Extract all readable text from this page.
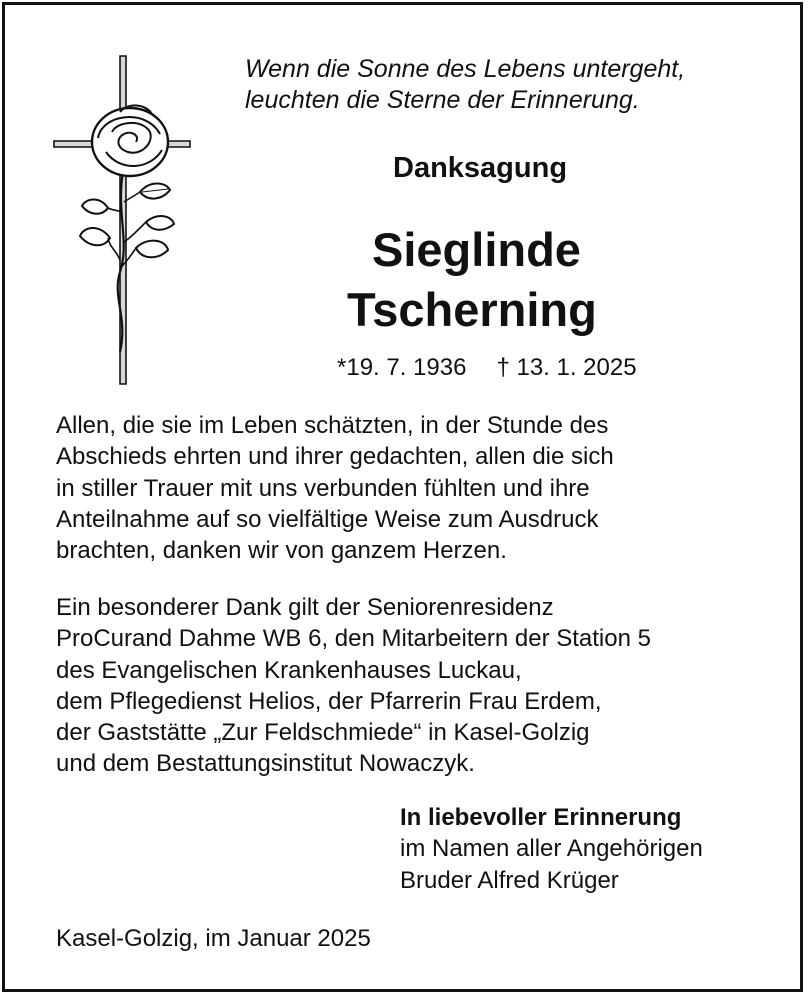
Wenn die Sonne des Lebens untergeht,
leuchten die Sterne der Erinnerung.

Danksagung
Sieglinde
Tscherning

*19. 7. 1936 † 13. 1. 2025

Allen, die sie im Leben schätzten, in der Stunde des
Abschieds ehrten und ihrer gedachten, allen die sich
in stiller Trauer mit uns verbunden fühlten und ihre
Anteilnahme auf so vielfältige Weise zum Ausdruck
brachten, danken wir von ganzem Herzen.

Ein besonderer Dank gilt der Seniorenresidenz
ProCurand Dahme WB 6, den Mitarbeitern der Station 5
des Evangelischen Krankenhauses Luckau,
dem Pflegedienst Helios, der Pfarrerin Frau Erdem,
der Gaststätte „Zur Feldschmiede“ in Kasel-Golzig
und dem Bestattungsinstitut Nowaczyk.

In liebevoller Erinnerung
im Namen aller Angehörigen
Bruder Alfred Krüger

Kasel-Golzig, im Januar 2025
